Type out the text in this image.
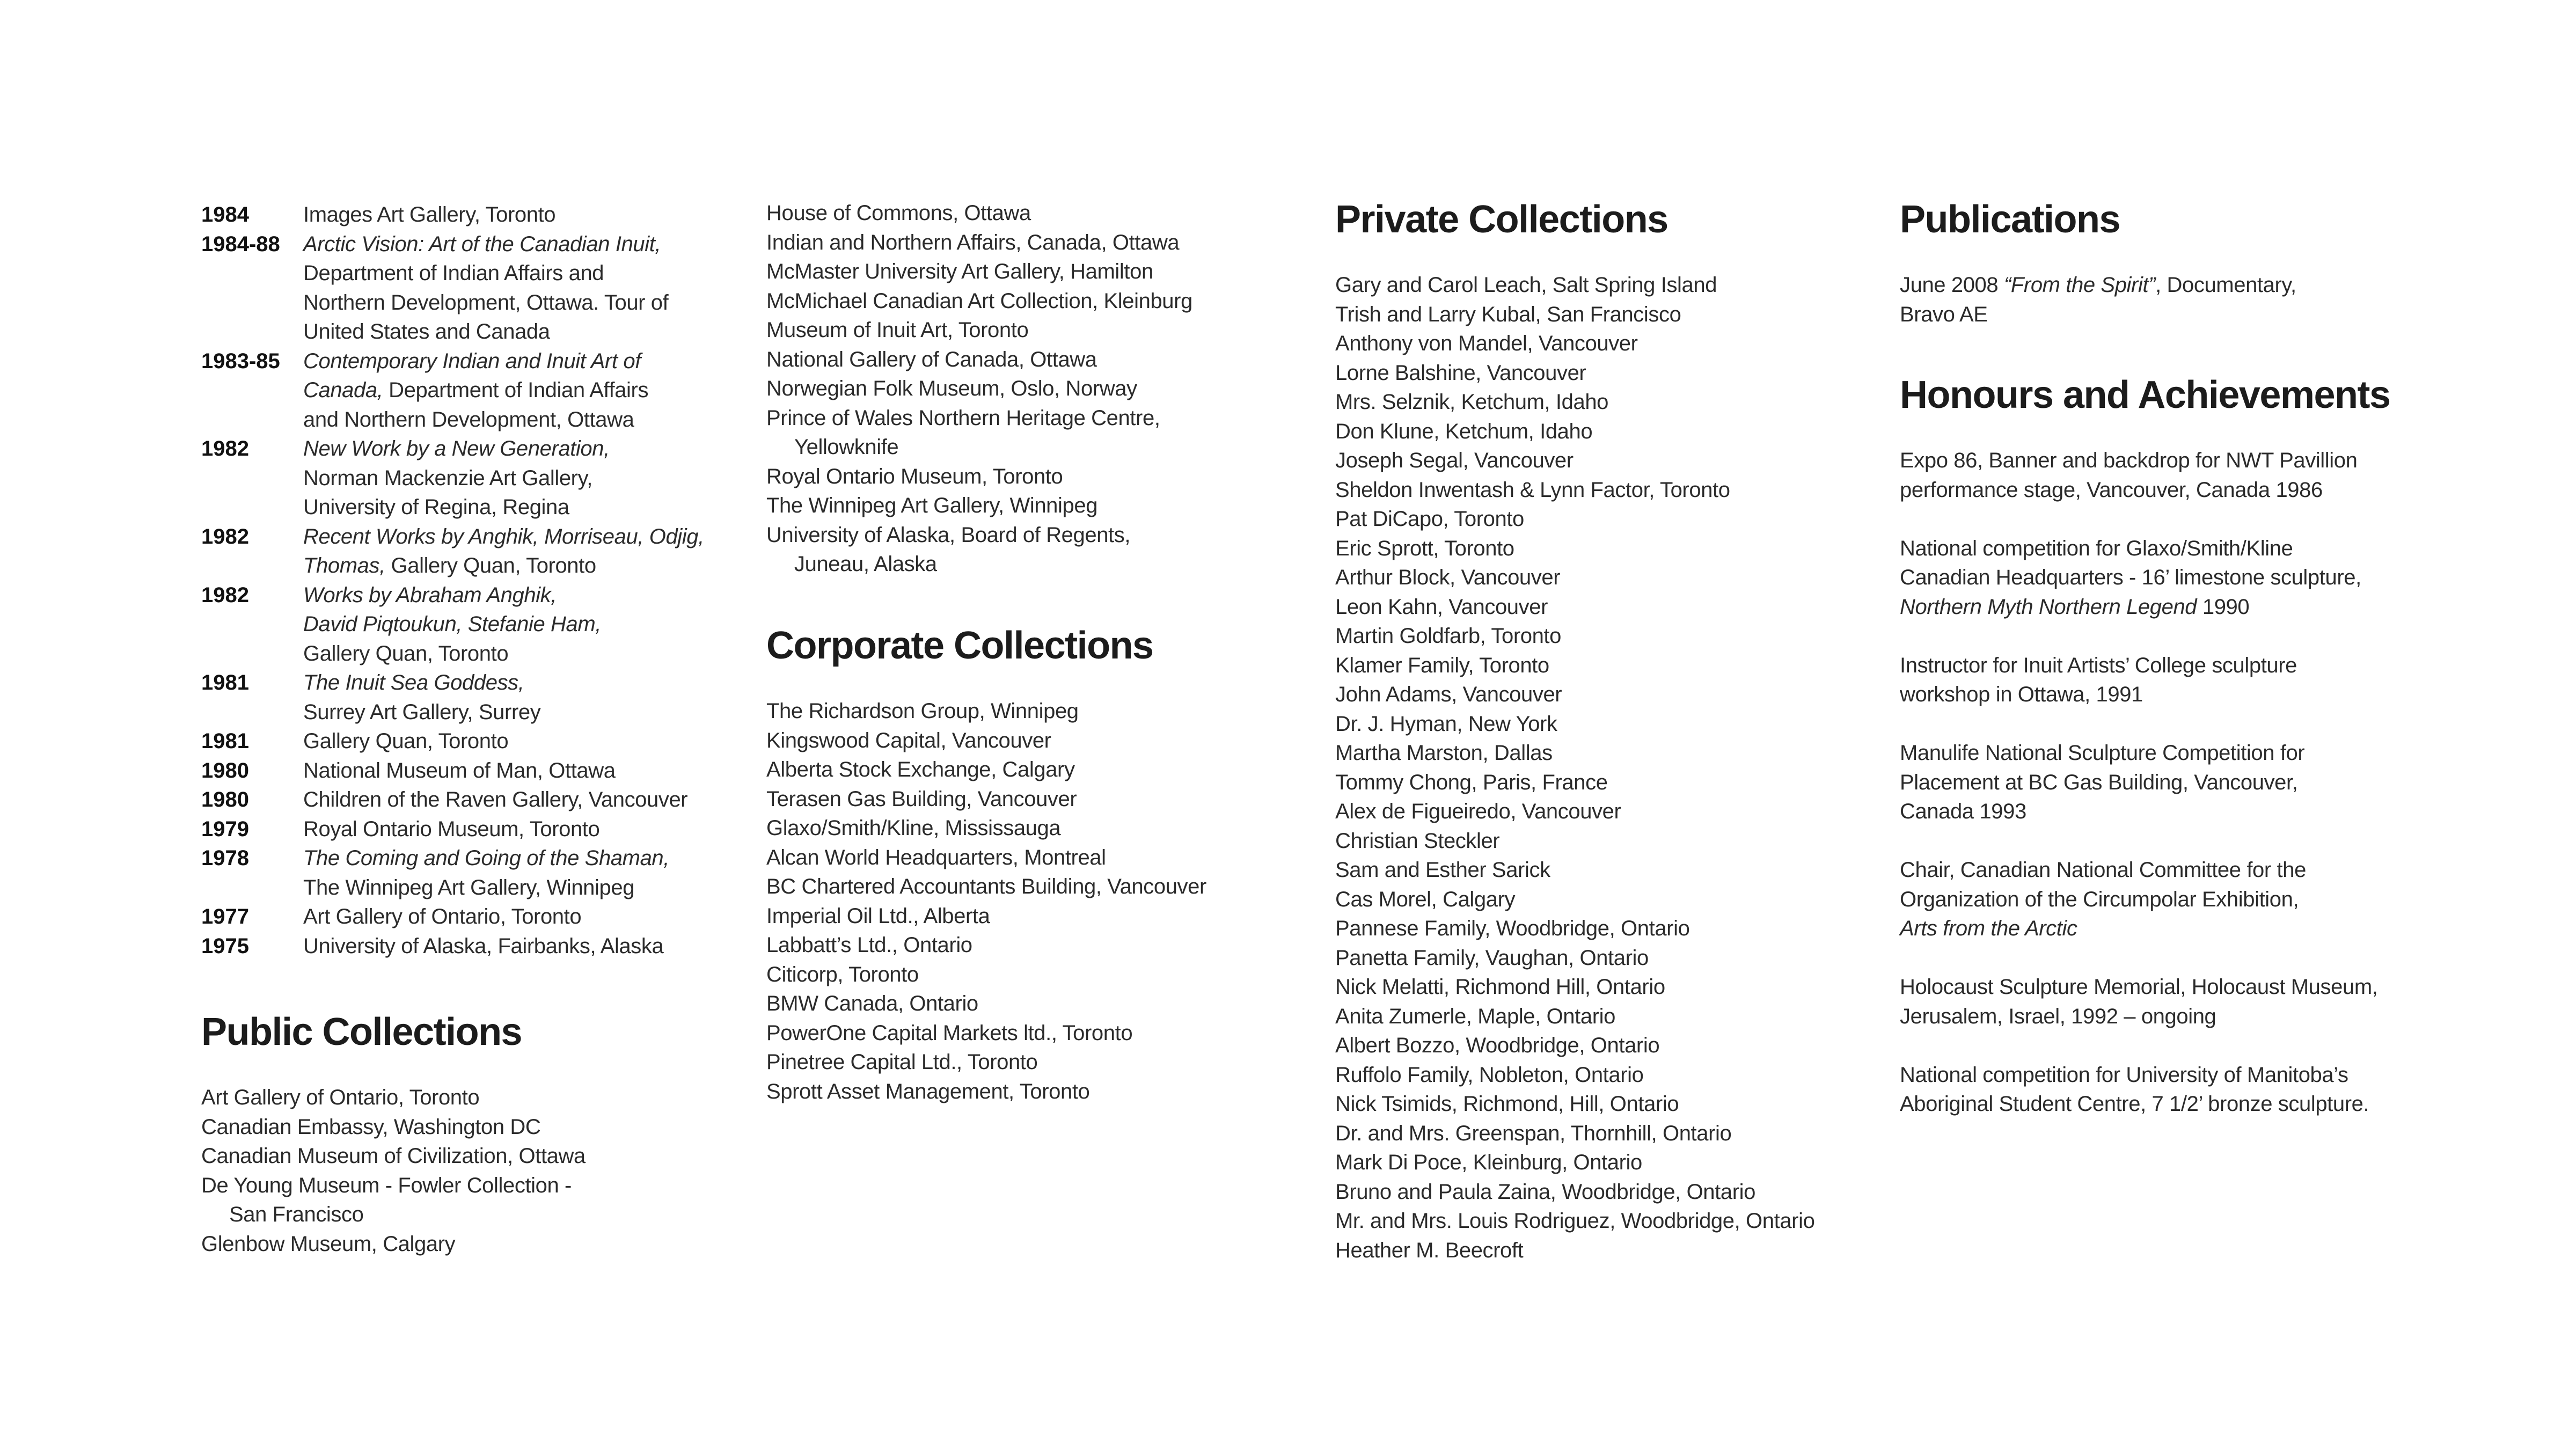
1984	Images Art Gallery, Toronto
1984-88	Arctic Vision: Art of the Canadian Inuit,
Department of Indian Affairs and
Northern Development, Ottawa. Tour of
United States and Canada
1983-85	Contemporary Indian and Inuit Art of
Canada, Department of Indian Affairs
and Northern Development, Ottawa
1982	New Work by a New Generation,
Norman Mackenzie Art Gallery,
University of Regina, Regina
1982	Recent Works by Anghik, Morriseau, Odjig,
Thomas, Gallery Quan, Toronto
1982	Works by Abraham Anghik,
David Piqtoukun, Stefanie Ham,
Gallery Quan, Toronto
1981	The Inuit Sea Goddess,
Surrey Art Gallery, Surrey
1981	Gallery Quan, Toronto
1980	National Museum of Man, Ottawa
1980	Children of the Raven Gallery, Vancouver
1979	Royal Ontario Museum, Toronto
1978	The Coming and Going of the Shaman,
The Winnipeg Art Gallery, Winnipeg
1977	Art Gallery of Ontario, Toronto
1975	University of Alaska, Fairbanks, Alaska
Public Collections
Art Gallery of Ontario, Toronto
Canadian Embassy, Washington DC
Canadian Museum of Civilization, Ottawa
De Young Museum - Fowler Collection -
San Francisco
Glenbow Museum, Calgary
House of Commons, Ottawa
Indian and Northern Affairs, Canada, Ottawa
McMaster University Art Gallery, Hamilton
McMichael Canadian Art Collection, Kleinburg
Museum of Inuit Art, Toronto
National Gallery of Canada, Ottawa
Norwegian Folk Museum, Oslo, Norway
Prince of Wales Northern Heritage Centre,
Yellowknife
Royal Ontario Museum, Toronto
The Winnipeg Art Gallery, Winnipeg
University of Alaska, Board of Regents,
Juneau, Alaska
Corporate Collections
The Richardson Group, Winnipeg
Kingswood Capital, Vancouver
Alberta Stock Exchange, Calgary
Terasen Gas Building, Vancouver
Glaxo/Smith/Kline, Mississauga
Alcan World Headquarters, Montreal
BC Chartered Accountants Building, Vancouver
Imperial Oil Ltd., Alberta
Labbatt’s Ltd., Ontario
Citicorp, Toronto
BMW Canada, Ontario
PowerOne Capital Markets ltd., Toronto
Pinetree Capital Ltd., Toronto
Sprott Asset Management, Toronto
Private Collections
Gary and Carol Leach, Salt Spring Island
Trish and Larry Kubal, San Francisco
Anthony von Mandel, Vancouver
Lorne Balshine, Vancouver
Mrs. Selznik, Ketchum, Idaho
Don Klune, Ketchum, Idaho
Joseph Segal, Vancouver
Sheldon Inwentash & Lynn Factor, Toronto
Pat DiCapo, Toronto
Eric Sprott, Toronto
Arthur Block, Vancouver
Leon Kahn, Vancouver
Martin Goldfarb, Toronto
Klamer Family, Toronto
John Adams, Vancouver
Dr. J. Hyman, New York
Martha Marston, Dallas
Tommy Chong, Paris, France
Alex de Figueiredo, Vancouver
Christian Steckler
Sam and Esther Sarick
Cas Morel, Calgary
Pannese Family, Woodbridge, Ontario
Panetta Family, Vaughan, Ontario
Nick Melatti, Richmond Hill, Ontario
Anita Zumerle, Maple, Ontario
Albert Bozzo, Woodbridge, Ontario
Ruffolo Family, Nobleton, Ontario
Nick Tsimids, Richmond, Hill, Ontario
Dr. and Mrs. Greenspan, Thornhill, Ontario
Mark Di Poce, Kleinburg, Ontario
Bruno and Paula Zaina, Woodbridge, Ontario
Mr. and Mrs. Louis Rodriguez, Woodbridge, Ontario
Heather M. Beecroft
Publications
June 2008 “From the Spirit”, Documentary,
Bravo AE
Honours and Achievements
Expo 86, Banner and backdrop for NWT Pavillion
performance stage, Vancouver, Canada 1986
National competition for Glaxo/Smith/Kline
Canadian Headquarters - 16’ limestone sculpture,
Northern Myth Northern Legend 1990
Instructor for Inuit Artists’ College sculpture
workshop in Ottawa, 1991
Manulife National Sculpture Competition for
Placement at BC Gas Building, Vancouver,
Canada 1993
Chair, Canadian National Committee for the
Organization of the Circumpolar Exhibition,
Arts from the Arctic
Holocaust Sculpture Memorial, Holocaust Museum,
Jerusalem, Israel, 1992 – ongoing
National competition for University of Manitoba’s
Aboriginal Student Centre, 7 1/2’ bronze sculpture.
